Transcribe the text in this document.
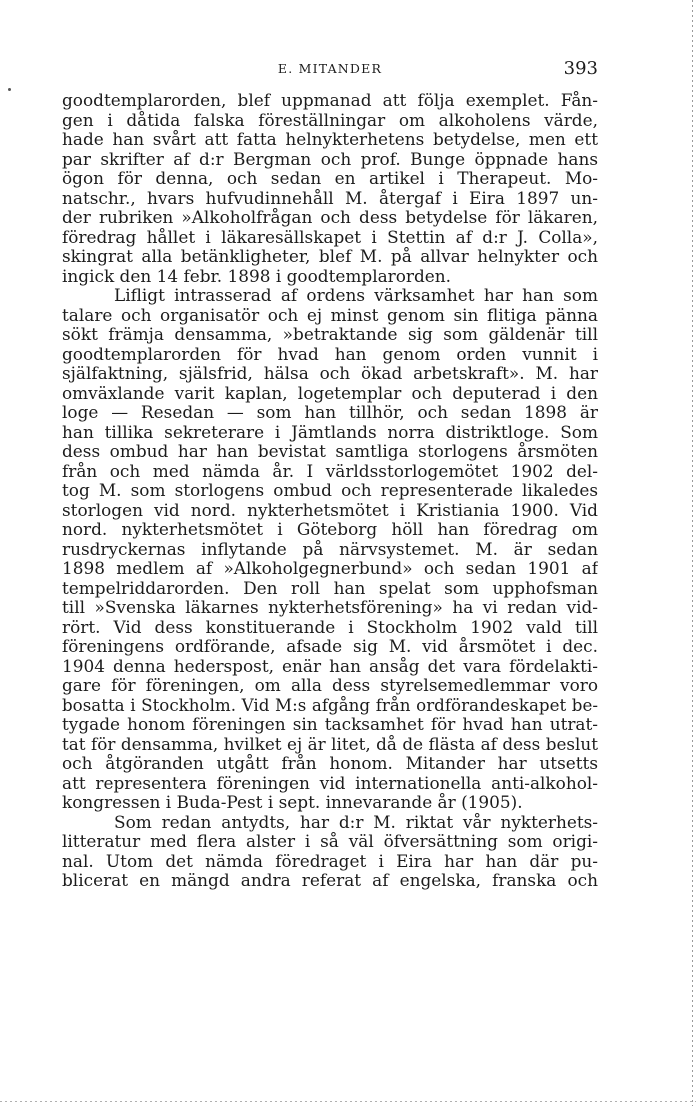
E. MITANDER	393
goodtemplarorden, blef uppmanad att följa exemplet. Fån-
gen i dåtida falska föreställningar om alkoholens värde,
hade han svårt att fatta helnykterhetens betydelse, men ett
par skrifter af d:r Bergman och prof. Bunge öppnade hans
ögon för denna, och sedan en artikel i Therapeut. Mo-
natschr., hvars hufvudinnehåll M. återgaf i Eira 1897 un-
der rubriken »Alkoholfrågan och dess betydelse för läkaren,
föredrag hållet i läkaresällskapet i Stettin af d:r J. Colla»,
skingrat alla betänkligheter, blef M. på allvar helnykter och
ingick den 14 febr. 1898 i goodtemplarorden.
Lifligt intrasserad af ordens värksamhet har han som
talare och organisatör och ej minst genom sin flitiga pänna
sökt främja densamma, »betraktande sig som gäldenär till
goodtemplarorden för hvad han genom orden vunnit i
själfaktning, själsfrid, hälsa och ökad arbetskraft». M. har
omväxlande varit kaplan, logetemplar och deputerad i den
loge — Resedan — som han tillhör, och sedan 1898 är
han tillika sekreterare i Jämtlands norra distriktloge. Som
dess ombud har han bevistat samtliga storlogens årsmöten
från och med nämda år. I världsstorlogemötet 1902 del-
tog M. som storlogens ombud och representerade likaledes
storlogen vid nord. nykterhetsmötet i Kristiania 1900. Vid
nord. nykterhetsmötet i Göteborg höll han föredrag om
rusdryckernas inflytande på närvsystemet. M. är sedan
1898 medlem af »Alkoholgegnerbund» och sedan 1901 af
tempelriddarorden. Den roll han spelat som upphofsman
till »Svenska läkarnes nykterhetsförening» ha vi redan vid-
rört. Vid dess konstituerande i Stockholm 1902 vald till
föreningens ordförande, afsade sig M. vid årsmötet i dec.
1904 denna hederspost, enär han ansåg det vara fördelakti-
gare för föreningen, om alla dess styrelsemedlemmar voro
bosatta i Stockholm. Vid M:s afgång från ordförandeskapet be-
tygade honom föreningen sin tacksamhet för hvad han utrat-
tat för densamma, hvilket ej är litet, då de flästa af dess beslut
och åtgöranden utgått från honom. Mitander har utsetts
att representera föreningen vid internationella anti-alkohol-
kongressen i Buda-Pest i sept. innevarande år (1905).
Som redan antydts, har d:r M. riktat vår nykterhets-
litteratur med flera alster i så väl öfversättning som origi-
nal. Utom det nämda föredraget i Eira har han där pu-
blicerat en mängd andra referat af engelska, franska och
